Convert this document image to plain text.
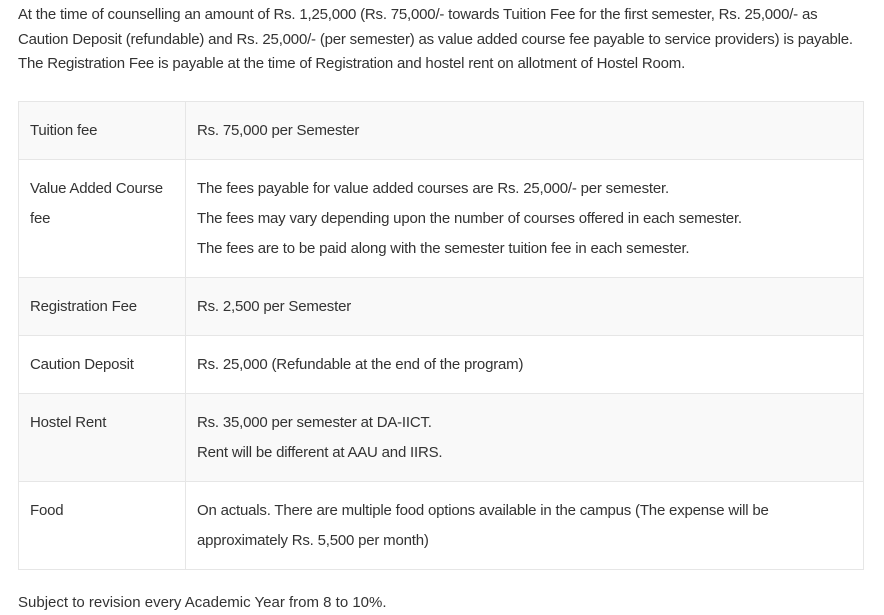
At the time of counselling an amount of Rs. 1,25,000 (Rs. 75,000/- towards Tuition Fee for the first semester, Rs. 25,000/- as Caution Deposit (refundable) and Rs. 25,000/- (per semester) as value added course fee payable to service providers) is payable. The Registration Fee is payable at the time of Registration and hostel rent on allotment of Hostel Room.

Tuition fee	Rs. 75,000 per Semester

Value Added Course fee	The fees payable for value added courses are Rs. 25,000/- per semester.
The fees may vary depending upon the number of courses offered in each semester.
The fees are to be paid along with the semester tuition fee in each semester.

Registration Fee	Rs. 2,500 per Semester

Caution Deposit	Rs. 25,000 (Refundable at the end of the program)

Hostel Rent	Rs. 35,000 per semester at DA-IICT.
Rent will be different at AAU and IIRS.

Food	On actuals. There are multiple food options available in the campus (The expense will be approximately Rs. 5,500 per month)

Subject to revision every Academic Year from 8 to 10%.
